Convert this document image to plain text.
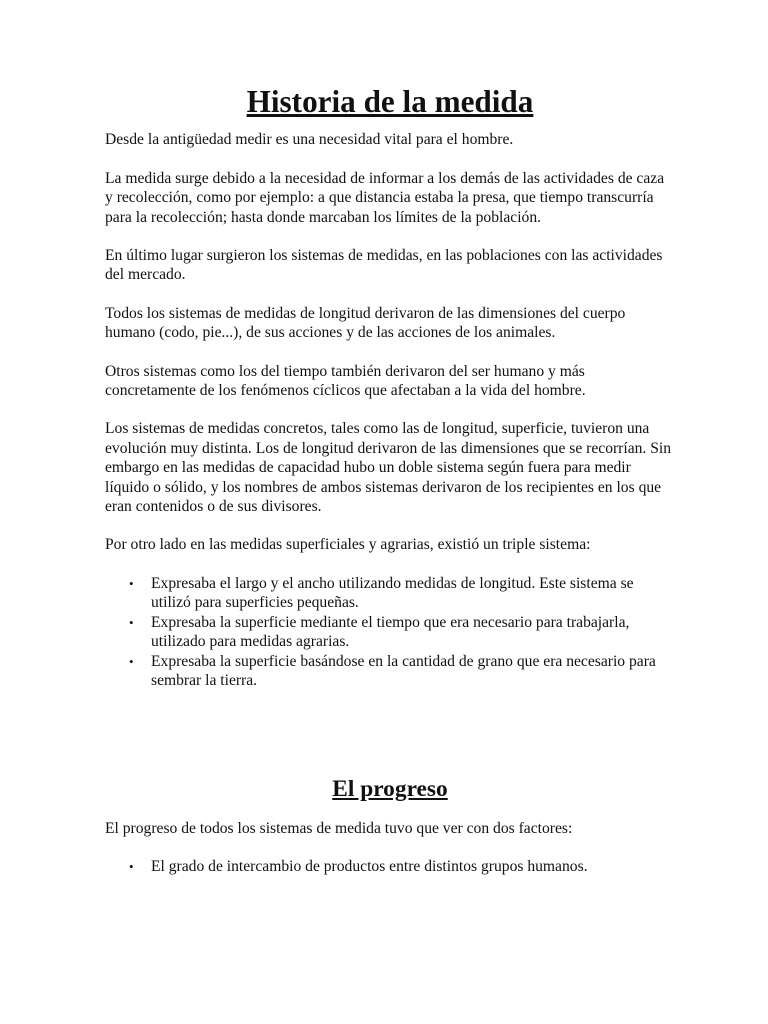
Historia de la medida

Desde la antigüedad medir es una necesidad vital para el hombre.

La medida surge debido a la necesidad de informar a los demás de las actividades de caza y recolección, como por ejemplo: a que distancia estaba la presa, que tiempo transcurría para la recolección; hasta donde marcaban los límites de la población.

En último lugar surgieron los sistemas de medidas, en las poblaciones con las actividades del mercado.

Todos los sistemas de medidas de longitud derivaron de las dimensiones del cuerpo humano (codo, pie...), de sus acciones y de las acciones de los animales.

Otros sistemas como los del tiempo también derivaron del ser humano y más concretamente de los fenómenos cíclicos que afectaban a la vida del hombre.

Los sistemas de medidas concretos, tales como las de longitud, superficie, tuvieron una evolución muy distinta. Los de longitud derivaron de las dimensiones que se recorrían. Sin embargo en las medidas de capacidad hubo un doble sistema según fuera para medir líquido o sólido, y los nombres de ambos sistemas derivaron de los recipientes en los que eran contenidos o de sus divisores.

Por otro lado en las medidas superficiales y agrarias, existió un triple sistema:

• Expresaba el largo y el ancho utilizando medidas de longitud. Este sistema se utilizó para superficies pequeñas.
• Expresaba la superficie mediante el tiempo que era necesario para trabajarla, utilizado para medidas agrarias.
• Expresaba la superficie basándose en la cantidad de grano que era necesario para sembrar la tierra.
El progreso

El progreso de todos los sistemas de medida tuvo que ver con dos factores:

• El grado de intercambio de productos entre distintos grupos humanos.
